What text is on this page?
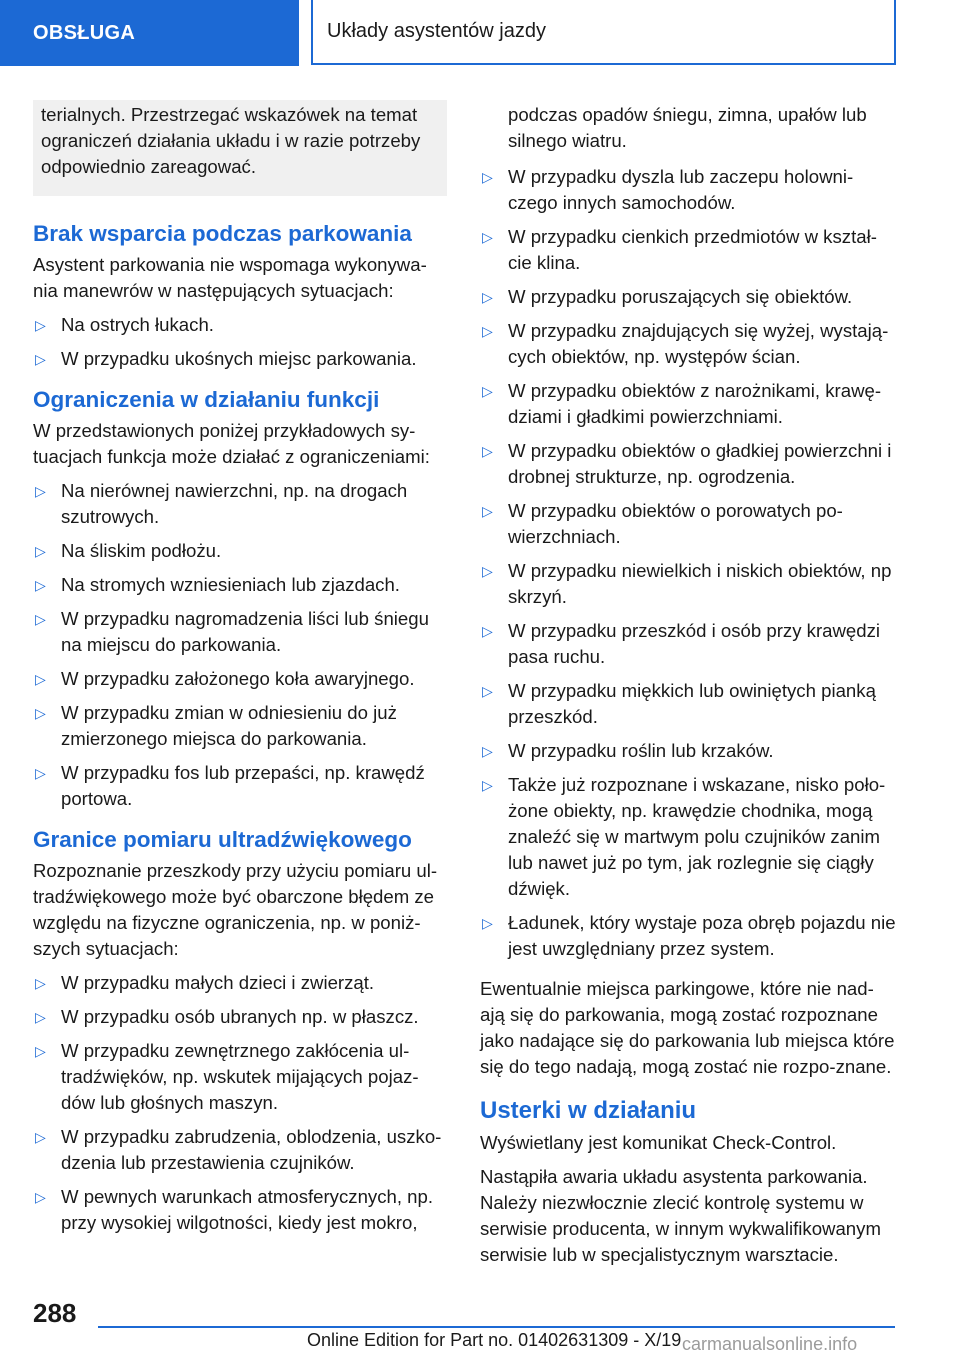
OBSŁUGA	Układy asystentów jazdy
terialnych. Przestrzegać wskazówek na temat ograniczeń działania układu i w razie potrzeby odpowiednio zareagować.
Brak wsparcia podczas parkowania

Asystent parkowania nie wspomaga wykonywa-nia manewrów w następujących sytuacjach:

▷ Na ostrych łukach.
▷ W przypadku ukośnych miejsc parkowania.
Ograniczenia w działaniu funkcji

W przedstawionych poniżej przykładowych sy-tuacjach funkcja może działać z ograniczeniami:

▷ Na nierównej nawierzchni, np. na drogach szutrowych.
▷ Na śliskim podłożu.
▷ Na stromych wzniesieniach lub zjazdach.
▷ W przypadku nagromadzenia liści lub śniegu na miejscu do parkowania.
▷ W przypadku założonego koła awaryjnego.
▷ W przypadku zmian w odniesieniu do już zmierzonego miejsca do parkowania.
▷ W przypadku fos lub przepaści, np. krawędź portowa.
Granice pomiaru ultradźwiękowego

Rozpoznanie przeszkody przy użyciu pomiaru ul-tradźwiękowego może być obarczone błędem ze względu na fizyczne ograniczenia, np. w poniż-szych sytuacjach:

▷ W przypadku małych dzieci i zwierząt.
▷ W przypadku osób ubranych np. w płaszcz.
▷ W przypadku zewnętrznego zakłócenia ul-tradźwięków, np. wskutek mijających pojaz-dów lub głośnych maszyn.
▷ W przypadku zabrudzenia, oblodzenia, uszko-dzenia lub przestawienia czujników.
▷ W pewnych warunkach atmosferycznych, np. przy wysokiej wilgotności, kiedy jest mokro,

podczas opadów śniegu, zimna, upałów lub silnego wiatru.

▷ W przypadku dyszla lub zaczepu holowni-czego innych samochodów.
▷ W przypadku cienkich przedmiotów w kształ-cie klina.
▷ W przypadku poruszających się obiektów.
▷ W przypadku znajdujących się wyżej, wystają-cych obiektów, np. występów ścian.
▷ W przypadku obiektów z narożnikami, krawę-dziami i gładkimi powierzchniami.
▷ W przypadku obiektów o gładkiej powierzchni i drobnej strukturze, np. ogrodzenia.
▷ W przypadku obiektów o porowatych po-wierzchniach.
▷ W przypadku niewielkich i niskich obiektów, np skrzyń.
▷ W przypadku przeszkód i osób przy krawędzi pasa ruchu.
▷ W przypadku miękkich lub owiniętych pianką przeszkód.
▷ W przypadku roślin lub krzaków.
▷ Także już rozpoznane i wskazane, nisko poło-żone obiekty, np. krawędzie chodnika, mogą znaleźć się w martwym polu czujników zanim lub nawet już po tym, jak rozlegnie się ciągły dźwięk.
▷ Ładunek, który wystaje poza obręb pojazdu nie jest uwzględniany przez system.

Ewentualnie miejsca parkingowe, które nie nad-ają się do parkowania, mogą zostać rozpoznane jako nadające się do parkowania lub miejsca które się do tego nadają, mogą zostać nie rozpo-znane.

Usterki w działaniu

Wyświetlany jest komunikat Check-Control.

Nastąpiła awaria układu asystenta parkowania. Należy niezwłocznie zlecić kontrolę systemu w serwisie producenta, w innym wykwalifikowanym serwisie lub w specjalistycznym warsztacie.

288
Online Edition for Part no. 01402631309 - X/19 carmanualsonline.info
